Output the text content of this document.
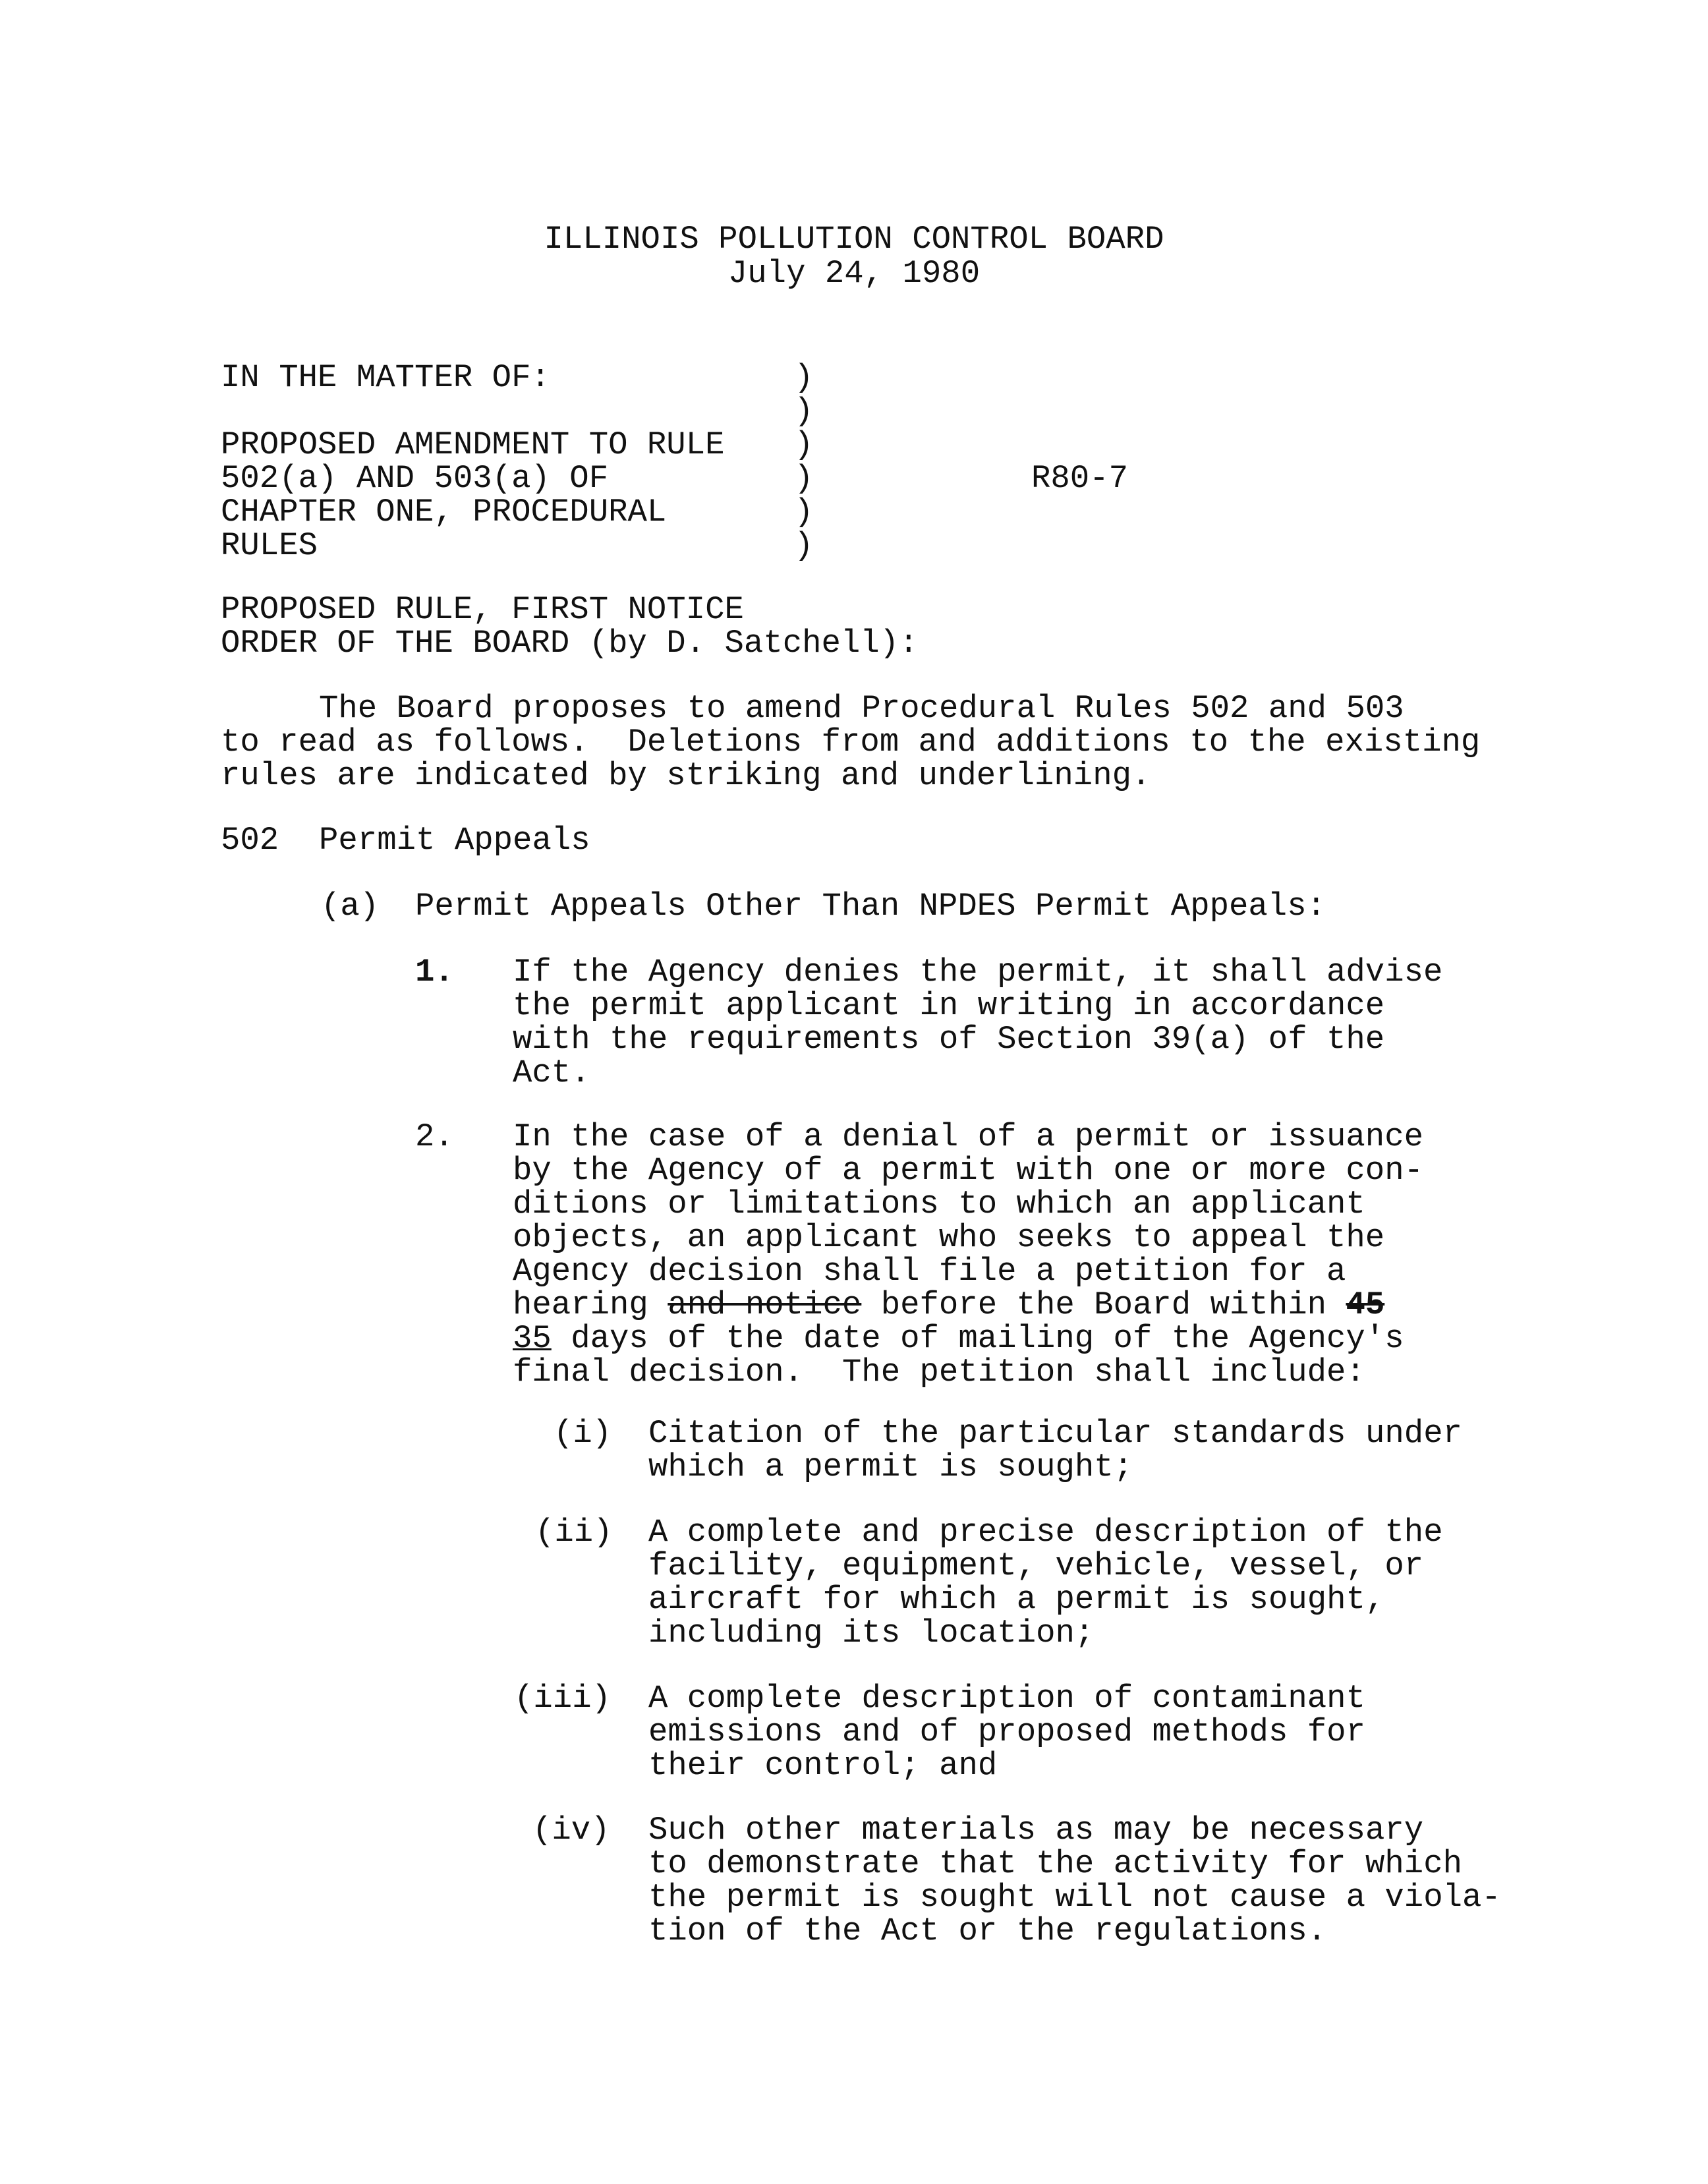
ILLINOIS POLLUTION CONTROL BOARD
July 24, 1980
IN THE MATTER OF:
PROPOSED AMENDMENT TO RULE
502(a) AND 503(a) OF
CHAPTER ONE, PROCEDURAL
RULES
)
)
)
)
)
)
R80-7
PROPOSED RULE, FIRST NOTICE
ORDER OF THE BOARD (by D. Satchell):
The Board proposes to amend Procedural Rules 502 and 503
to read as follows.  Deletions from and additions to the existing
rules are indicated by striking and underlining.
502 Permit Appeals
(a) Permit Appeals Other Than NPDES Permit Appeals:
1. If the Agency denies the permit, it shall advise
the permit applicant in writing in accordance
with the requirements of Section 39(a) of the
Act.
2. In the case of a denial of a permit or issuance
by the Agency of a permit with one or more con-
ditions or limitations to which an applicant
objects, an applicant who seeks to appeal the
Agency decision shall file a petition for a
hearing and notice before the Board within 45
35 days of the date of mailing of the Agency's
final decision.  The petition shall include:
(i) Citation of the particular standards under
which a permit is sought;
(ii) A complete and precise description of the
facility, equipment, vehicle, vessel, or
aircraft for which a permit is sought,
including its location;
(iii) A complete description of contaminant
emissions and of proposed methods for
their control; and
(iv) Such other materials as may be necessary
to demonstrate that the activity for which
the permit is sought will not cause a viola-
tion of the Act or the regulations.
